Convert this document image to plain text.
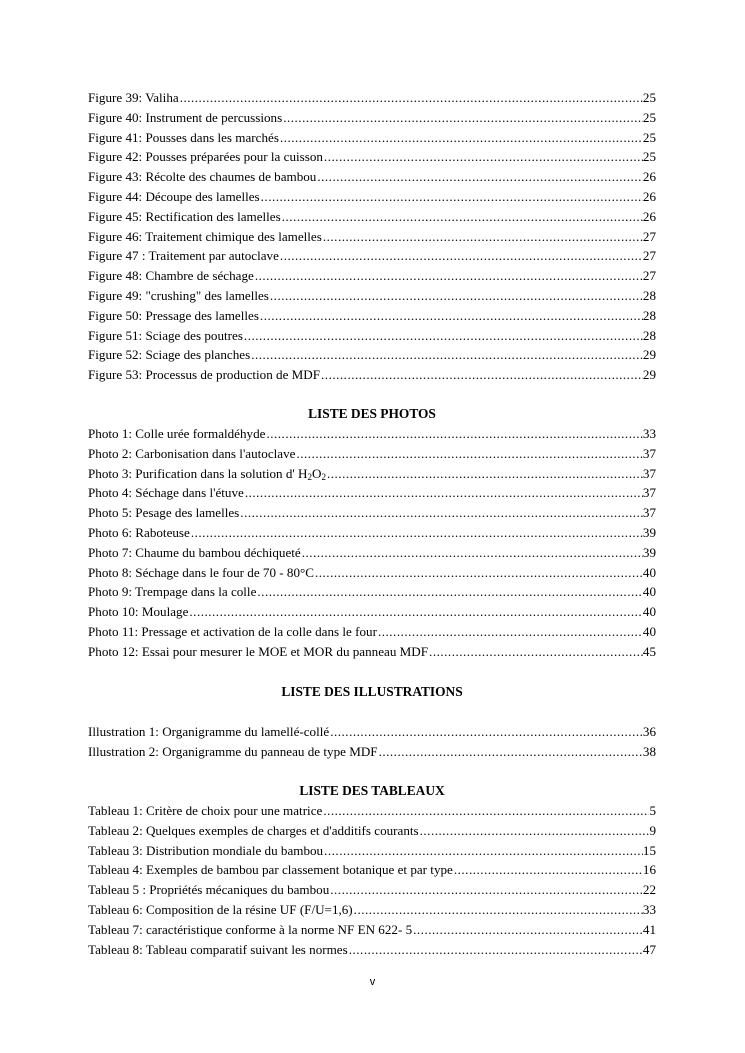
Figure 39: Valiha .....	25
Figure 40: Instrument de percussions .....	25
Figure 41: Pousses dans les marchés .....	25
Figure 42: Pousses préparées pour la cuisson .....	25
Figure 43: Récolte des chaumes de bambou .....	26
Figure 44: Découpe des lamelles .....	26
Figure 45: Rectification des lamelles .....	26
Figure 46: Traitement chimique des lamelles .....	27
Figure 47 : Traitement par autoclave .....	27
Figure 48: Chambre de séchage .....	27
Figure 49: "crushing" des lamelles .....	28
Figure 50: Pressage des lamelles .....	28
Figure 51: Sciage des poutres .....	28
Figure 52: Sciage des planches .....	29
Figure 53: Processus de production de MDF .....	29
LISTE DES PHOTOS
Photo 1: Colle urée formaldéhyde .....	33
Photo 2: Carbonisation dans l'autoclave .....	37
Photo 3: Purification dans la solution d' $H_2O_2$ .....	37
Photo 4: Séchage dans l'étuve .....	37
Photo 5: Pesage des lamelles .....	37
Photo 6: Raboteuse .....	39
Photo 7: Chaume du bambou déchiqueté .....	39
Photo 8: Séchage dans le four de 70 - 80°C .....	40
Photo 9: Trempage dans la colle .....	40
Photo 10: Moulage .....	40
Photo 11: Pressage et activation de la colle dans le four .....	40
Photo 12: Essai pour mesurer le MOE et MOR du panneau MDF .....	45
LISTE DES ILLUSTRATIONS
Illustration 1: Organigramme du lamellé-collé .....	36
Illustration 2: Organigramme du panneau de type MDF .....	38
LISTE DES TABLEAUX
Tableau 1: Critère de choix pour une matrice .....	5
Tableau 2: Quelques exemples de charges et d'additifs courants .....	9
Tableau 3: Distribution mondiale du bambou .....	15
Tableau 4: Exemples de bambou par classement botanique et par type .....	16
Tableau 5 : Propriétés mécaniques du bambou .....	22
Tableau 6: Composition de la résine UF (F/U=1,6) .....	33
Tableau 7: caractéristique conforme à la norme NF EN 622- 5 .....	41
Tableau 8: Tableau comparatif suivant les normes .....	47
v
